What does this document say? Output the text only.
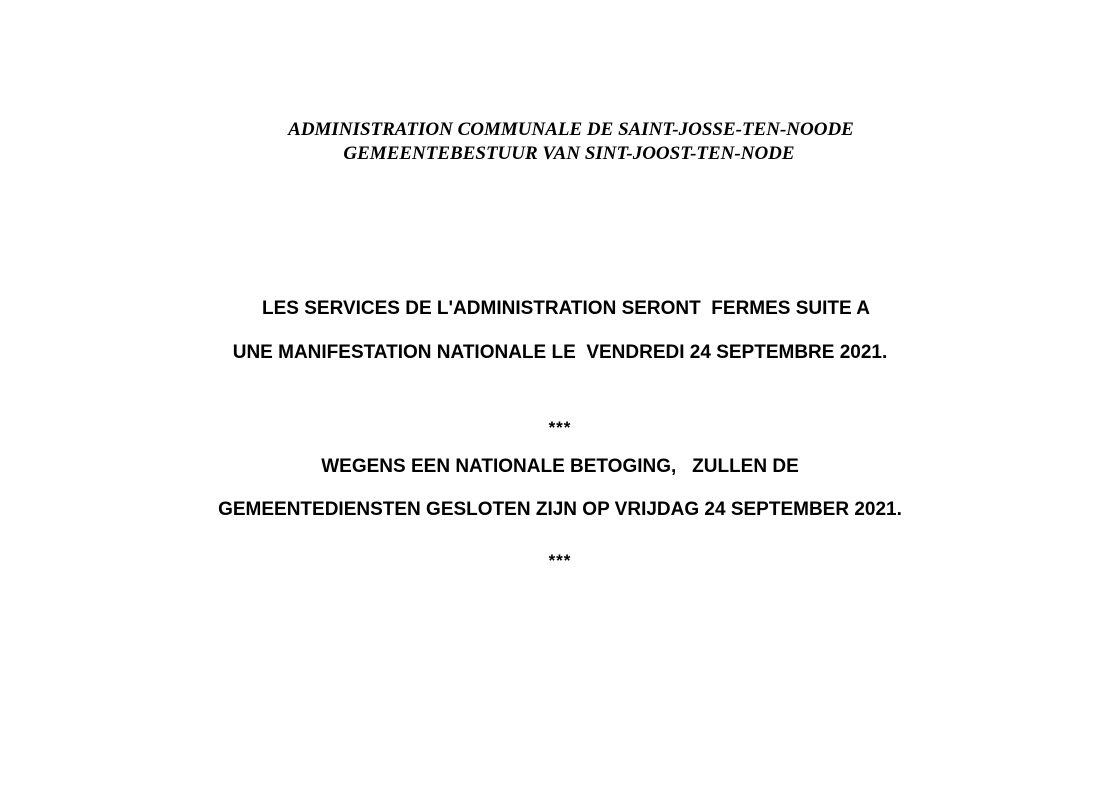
ADMINISTRATION COMMUNALE DE SAINT-JOSSE-TEN-NOODE
GEMEENTEBESTUUR VAN SINT-JOOST-TEN-NODE
LES SERVICES DE L'ADMINISTRATION SERONT  FERMES SUITE A
UNE MANIFESTATION NATIONALE LE  VENDREDI 24 SEPTEMBRE 2021.
***
WEGENS EEN NATIONALE BETOGING,   ZULLEN DE
GEMEENTEDIENSTEN GESLOTEN ZIJN OP VRIJDAG 24 SEPTEMBER 2021.
***
